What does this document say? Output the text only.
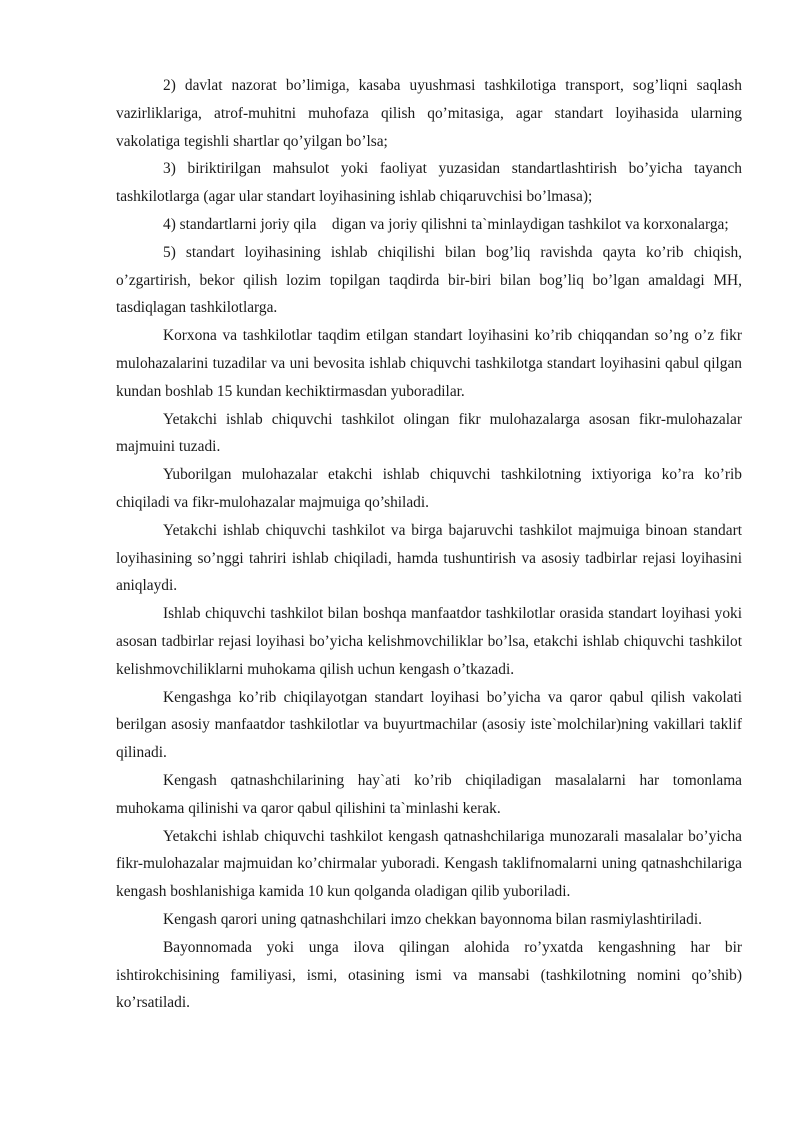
2) davlat nazorat bo’limiga, kasaba uyushmasi tashkilotiga transport, sog’liqni saqlash vazirliklariga, atrof-muhitni muhofaza qilish qo’mitasiga, agar standart loyihasida ularning vakolatiga tegishli shartlar qo’yilgan bo’lsa;

3) biriktirilgan mahsulot yoki faoliyat yuzasidan standartlashtirish bo’yicha tayanch tashkilotlarga (agar ular standart loyihasining ishlab chiqaruvchisi bo’lmasa);

4) standartlarni joriy qila    digan va joriy qilishni ta`minlaydigan tashkilot va korxonalarga;

5) standart loyihasining ishlab chiqilishi bilan bog’liq ravishda qayta ko’rib chiqish, o’zgartirish, bekor qilish lozim topilgan taqdirda bir-biri bilan bog’liq bo’lgan amaldagi MH, tasdiqlagan tashkilotlarga.

Korxona va tashkilotlar taqdim etilgan standart loyihasini ko’rib chiqqandan so’ng o’z fikr mulohazalarini tuzadilar va uni bevosita ishlab chiquvchi tashkilotga standart loyihasini qabul qilgan kundan boshlab 15 kundan kechiktirmasdan yuboradilar.

Yetakchi ishlab chiquvchi tashkilot olingan fikr mulohazalarga asosan fikr-mulohazalar majmuini tuzadi.

Yuborilgan mulohazalar etakchi ishlab chiquvchi tashkilotning ixtiyoriga ko’ra ko’rib chiqiladi va fikr-mulohazalar majmuiga qo’shiladi.

Yetakchi ishlab chiquvchi tashkilot va birga bajaruvchi tashkilot majmuiga binoan standart loyihasining so’nggi tahriri ishlab chiqiladi, hamda tushuntirish va asosiy tadbirlar rejasi loyihasini aniqlaydi.

Ishlab chiquvchi tashkilot bilan boshqa manfaatdor tashkilotlar orasida standart loyihasi yoki asosan tadbirlar rejasi loyihasi bo’yicha kelishmovchiliklar bo’lsa, etakchi ishlab chiquvchi tashkilot kelishmovchiliklarni muhokama qilish uchun kengash o’tkazadi.

Kengashga ko’rib chiqilayotgan standart loyihasi bo’yicha va qaror qabul qilish vakolati berilgan asosiy manfaatdor tashkilotlar va buyurtmachilar (asosiy iste`molchilar)ning vakillari taklif qilinadi.

Kengash qatnashchilarining hay`ati ko’rib chiqiladigan masalalarni har tomonlama muhokama qilinishi va qaror qabul qilishini ta`minlashi kerak.

Yetakchi ishlab chiquvchi tashkilot kengash qatnashchilariga munozarali masalalar bo’yicha fikr-mulohazalar majmuidan ko’chirmalar yuboradi. Kengash taklifnomalarni uning qatnashchilariga kengash boshlanishiga kamida 10 kun qolganda oladigan qilib yuboriladi.

Kengash qarori uning qatnashchilari imzo chekkan bayonnoma bilan rasmiylashtiriladi.

Bayonnomada yoki unga ilova qilingan alohida ro’yxatda kengashning har bir ishtirokchisining familiyasi, ismi, otasining ismi va mansabi (tashkilotning nomini qo’shib) ko’rsatiladi.
